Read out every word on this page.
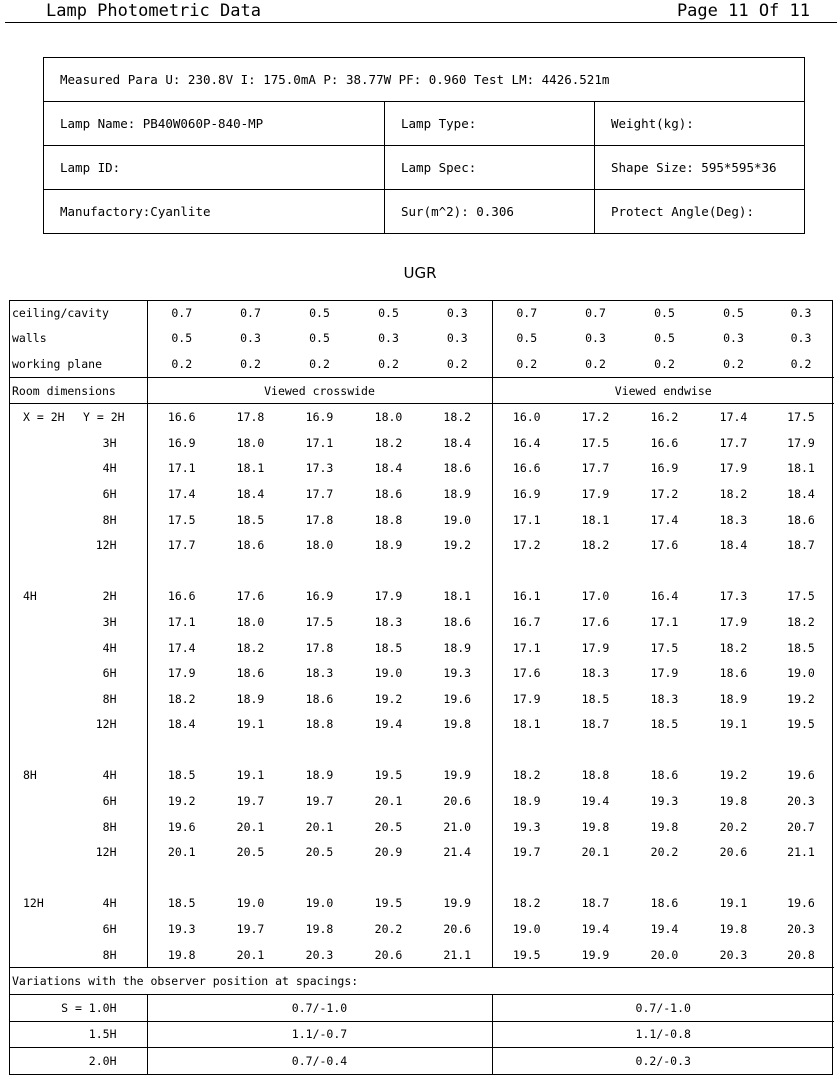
Lamp Photometric Data	Page 11 Of 11
Measured Para U: 230.8V I: 175.0mA P: 38.77W PF: 0.960 Test LM: 4426.521m		
Lamp Name: PB40W060P-840-MP	Lamp Type:	Weight(kg):
Lamp ID:	Lamp Spec:	Shape Size: 595*595*36
Manufactory:Cyanlite	Sur(m^2): 0.306	Protect Angle(Deg):
UGR
ceiling/cavity		0.7	0.7	0.5	0.5	0.3	0.7	0.7	0.5	0.5	0.3
walls		0.5	0.3	0.5	0.3	0.3	0.5	0.3	0.5	0.3	0.3
working plane		0.2	0.2	0.2	0.2	0.2	0.2	0.2	0.2	0.2	0.2
Room dimensions		Viewed crosswide					Viewed endwise				
X = 2H	Y = 2H	16.6	17.8	16.9	18.0	18.2	16.0	17.2	16.2	17.4	17.5
	3H	16.9	18.0	17.1	18.2	18.4	16.4	17.5	16.6	17.7	17.9
	4H	17.1	18.1	17.3	18.4	18.6	16.6	17.7	16.9	17.9	18.1
	6H	17.4	18.4	17.7	18.6	18.9	16.9	17.9	17.2	18.2	18.4
	8H	17.5	18.5	17.8	18.8	19.0	17.1	18.1	17.4	18.3	18.6
	12H	17.7	18.6	18.0	18.9	19.2	17.2	18.2	17.6	18.4	18.7

4H	2H	16.6	17.6	16.9	17.9	18.1	16.1	17.0	16.4	17.3	17.5
	3H	17.1	18.0	17.5	18.3	18.6	16.7	17.6	17.1	17.9	18.2
	4H	17.4	18.2	17.8	18.5	18.9	17.1	17.9	17.5	18.2	18.5
	6H	17.9	18.6	18.3	19.0	19.3	17.6	18.3	17.9	18.6	19.0
	8H	18.2	18.9	18.6	19.2	19.6	17.9	18.5	18.3	18.9	19.2
	12H	18.4	19.1	18.8	19.4	19.8	18.1	18.7	18.5	19.1	19.5

8H	4H	18.5	19.1	18.9	19.5	19.9	18.2	18.8	18.6	19.2	19.6
	6H	19.2	19.7	19.7	20.1	20.6	18.9	19.4	19.3	19.8	20.3
	8H	19.6	20.1	20.1	20.5	21.0	19.3	19.8	19.8	20.2	20.7
	12H	20.1	20.5	20.5	20.9	21.4	19.7	20.1	20.2	20.6	21.1

12H	4H	18.5	19.0	19.0	19.5	19.9	18.2	18.7	18.6	19.1	19.6
	6H	19.3	19.7	19.8	20.2	20.6	19.0	19.4	19.4	19.8	20.3
	8H	19.8	20.1	20.3	20.6	21.1	19.5	19.9	20.0	20.3	20.8
Variations with the observer position at spacings:											
S = 1.0H		0.7/-1.0					0.7/-1.0				
1.5H		1.1/-0.7					1.1/-0.8				
2.0H		0.7/-0.4					0.2/-0.3				
